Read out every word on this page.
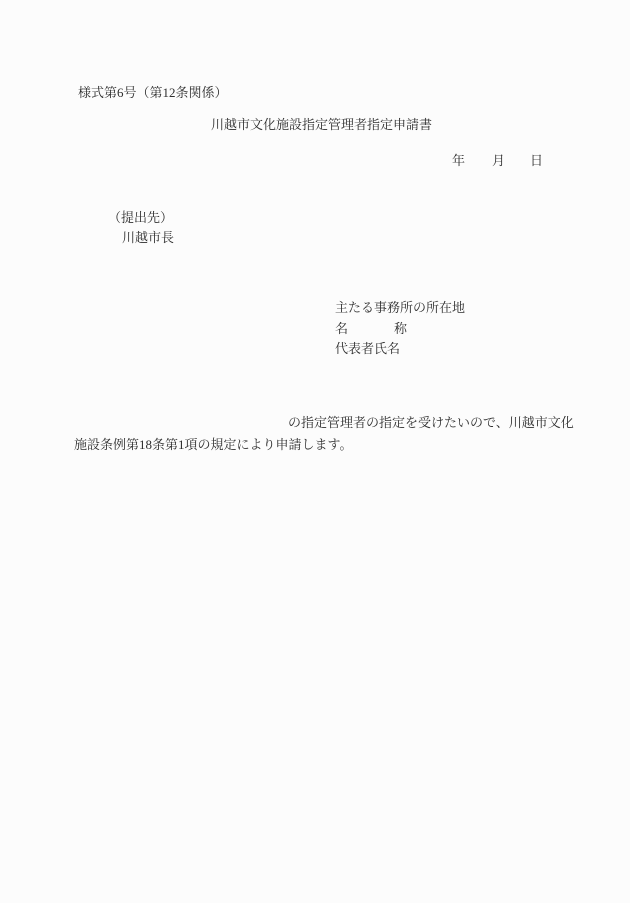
様式第6号（第12条関係）
川越市文化施設指定管理者指定申請書
年 月 日
（提出先）
川越市長
主たる事務所の所在地
名	称
代表者氏名
の指定管理者の指定を受けたいので、川越市文化
施設条例第18条第1項の規定により申請します。
